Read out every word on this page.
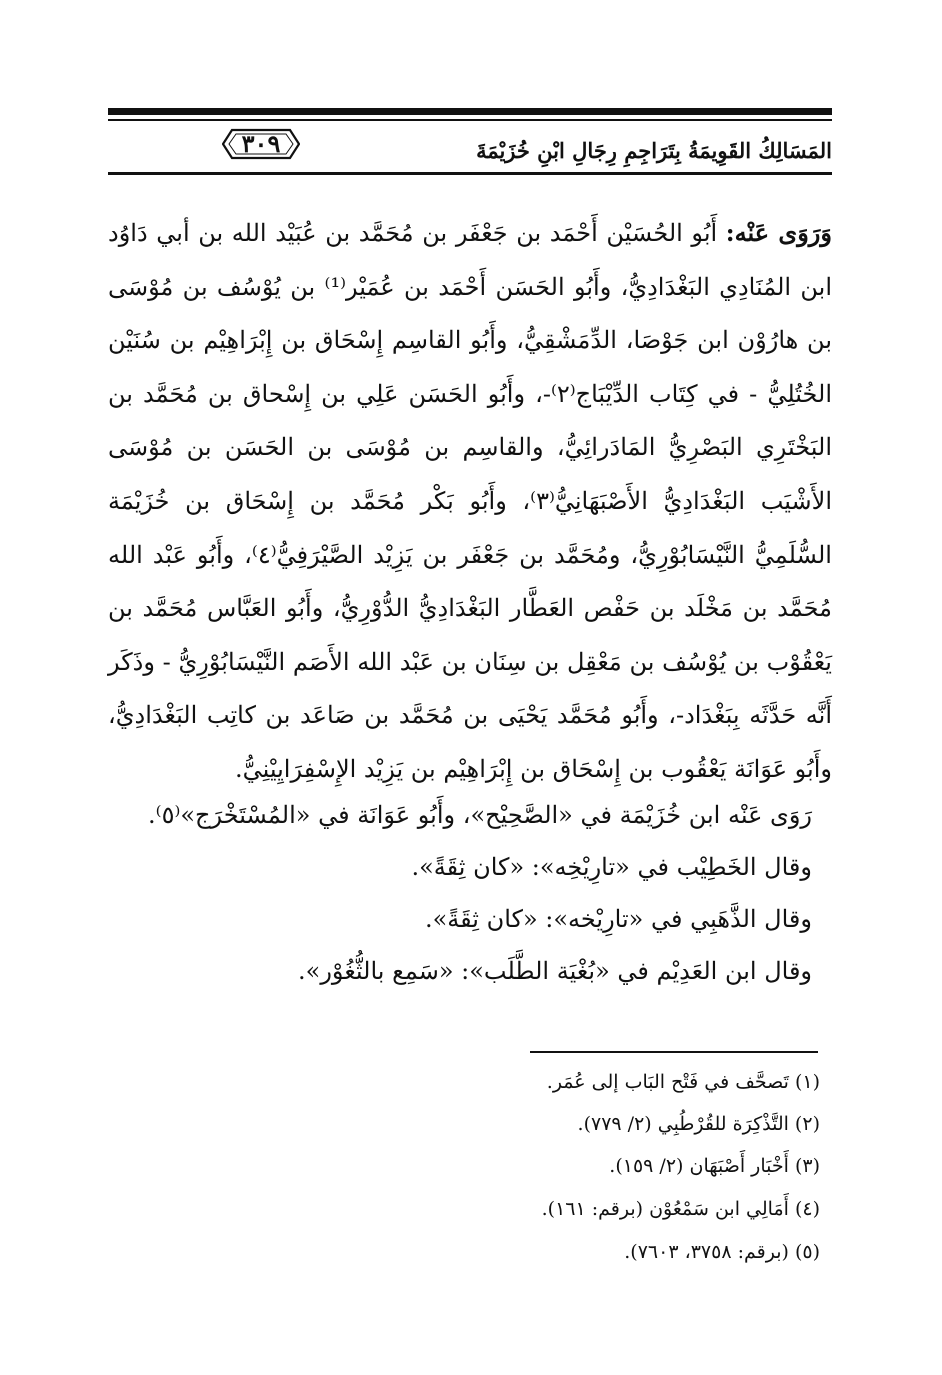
٣٠٩	المَسَالِكُ القَوِيمَةُ بِتَرَاجِمِ رِجَالِ ابْنِ خُزَيْمَةَ

وَرَوَى عَنْه: أَبُو الحُسَيْن أَحْمَد بن جَعْفَر بن مُحَمَّد بن عُبَيْد الله بن أبي دَاوُد ابن المُنَادِي البَغْدَادِيُّ، وأَبُو الحَسَن أَحْمَد بن عُمَيْر⁽¹⁾ بن يُوْسُف بن مُوْسَى بن هارُوْن ابن جَوْصَا، الدِّمَشْقِيُّ، وأَبُو القاسِم إِسْحَاق بن إِبْرَاهِيْم بن سُنَيْن الخُتُلِيُّ - في كِتَاب الدِّيْبَاج⁽٢⁾-، وأَبُو الحَسَن عَلِي بن إِسْحاق بن مُحَمَّد بن البَخْتَرِي البَصْرِيُّ المَادَرائِيُّ، والقاسِم بن مُوْسَى بن الحَسَن بن مُوْسَى الأَشْيَب البَغْدَادِيُّ الأَصْبَهَانِيُّ⁽٣⁾، وأَبُو بَكْر مُحَمَّد بن إِسْحَاق بن خُزَيْمَة السُّلَمِيُّ النَّيْسَابُوْرِيُّ، ومُحَمَّد بن جَعْفَر بن يَزِيْد الصَّيْرَفِيُّ⁽٤⁾، وأَبُو عَبْد الله مُحَمَّد بن مَخْلَد بن حَفْص العَطَّار البَغْدَادِيُّ الدُّوْرِيُّ، وأَبُو العَبَّاس مُحَمَّد بن يَعْقُوْب بن يُوْسُف بن مَعْقِل بن سِنَان بن عَبْد الله الأَصَم النَّيْسَابُوْرِيُّ - وذَكَر أَنَّه حَدَّثَه بِبَغْدَاد-، وأَبُو مُحَمَّد يَحْيَى بن مُحَمَّد بن صَاعَد بن كاتِب البَغْدَادِيُّ، وأَبُو عَوَانَة يَعْقُوب بن إِسْحَاق بن إِبْرَاهِيْم بن يَزِيْد الإِسْفِرَايِيْنِيُّ.

رَوَى عَنْه ابن خُزَيْمَة في «الصَّحِيْح»، وأَبُو عَوَانَة في «المُسْتَخْرَج»⁽٥⁾.
وقال الخَطِيْب في «تارِيْخِه»: «كان ثِقَةً».
وقال الذَّهَبِي في «تارِيْخه»: «كان ثِقَةً».
وقال ابن العَدِيْم في «بُغْيَة الطَّلَب»: «سَمِع بالثُّغُوْر».
(١) تَصحَّف في فَتْح البَاب إلى عُمَر.
(٢) التَّذْكِرَة للقُرْطُبِي (٢/ ٧٧٩).
(٣) أَخْبَار أَصْبَهَان (٢/ ١٥٩).
(٤) أَمَالِي ابن سَمْعُوْن (برقم: ١٦١).
(٥) (برقم: ٣٧٥٨، ٧٦٠٣).
